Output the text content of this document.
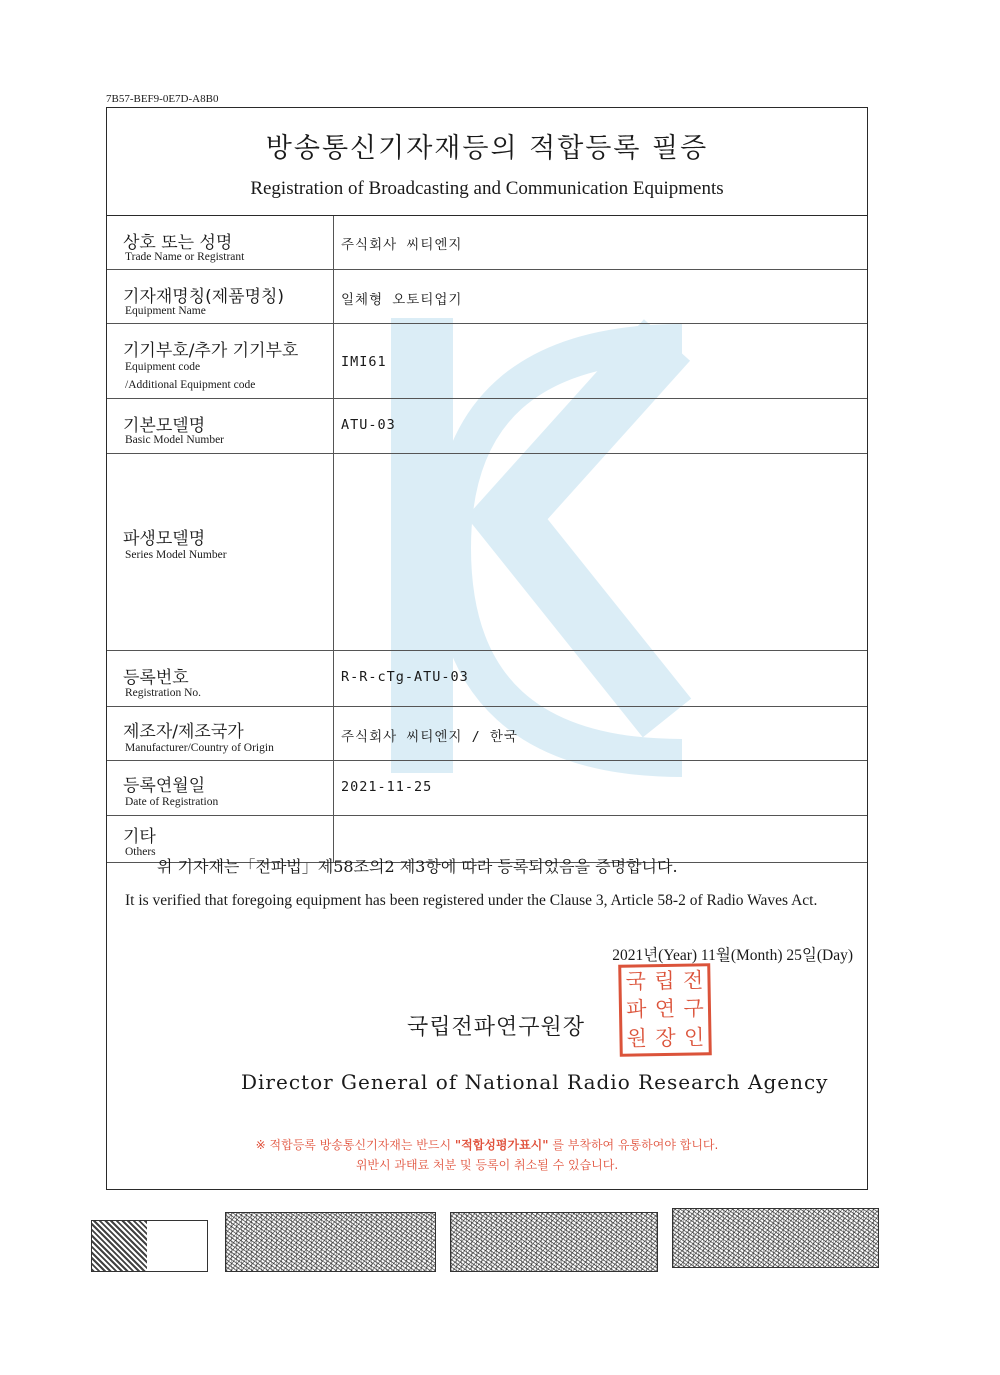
7B57-BEF9-0E7D-A8B0
방송통신기자재등의 적합등록 필증
Registration of Broadcasting and Communication Equipments
상호 또는 성명
Trade Name or Registrant
주식회사 씨티엔지
기자재명칭(제품명칭)
Equipment Name
일체형 오토티업기
기기부호/추가 기기부호
Equipment code
/Additional Equipment code
IMI61
기본모델명
Basic Model Number
ATU-03
파생모델명
Series Model Number
등록번호
Registration No.
R-R-cTg-ATU-03
제조자/제조국가
Manufacturer/Country of Origin
주식회사 씨티엔지 / 한국
등록연월일
Date of Registration
2021-11-25
기타
Others
위 기자재는「전파법」제58조의2 제3항에 따라 등록되었음을 증명합니다.
It is verified that foregoing equipment has been registered under the Clause 3, Article 58-2 of Radio Waves Act.
2021년(Year) 11월(Month) 25일(Day)
국립전파연구원장
국 립 전
파 연 구
원 장 인
Director General of National Radio Research Agency
※ 적합등록 방송통신기자재는 반드시 "적합성평가표시" 를 부착하여 유통하여야 합니다.
위반시 과태료 처분 및 등록이 취소될 수 있습니다.
